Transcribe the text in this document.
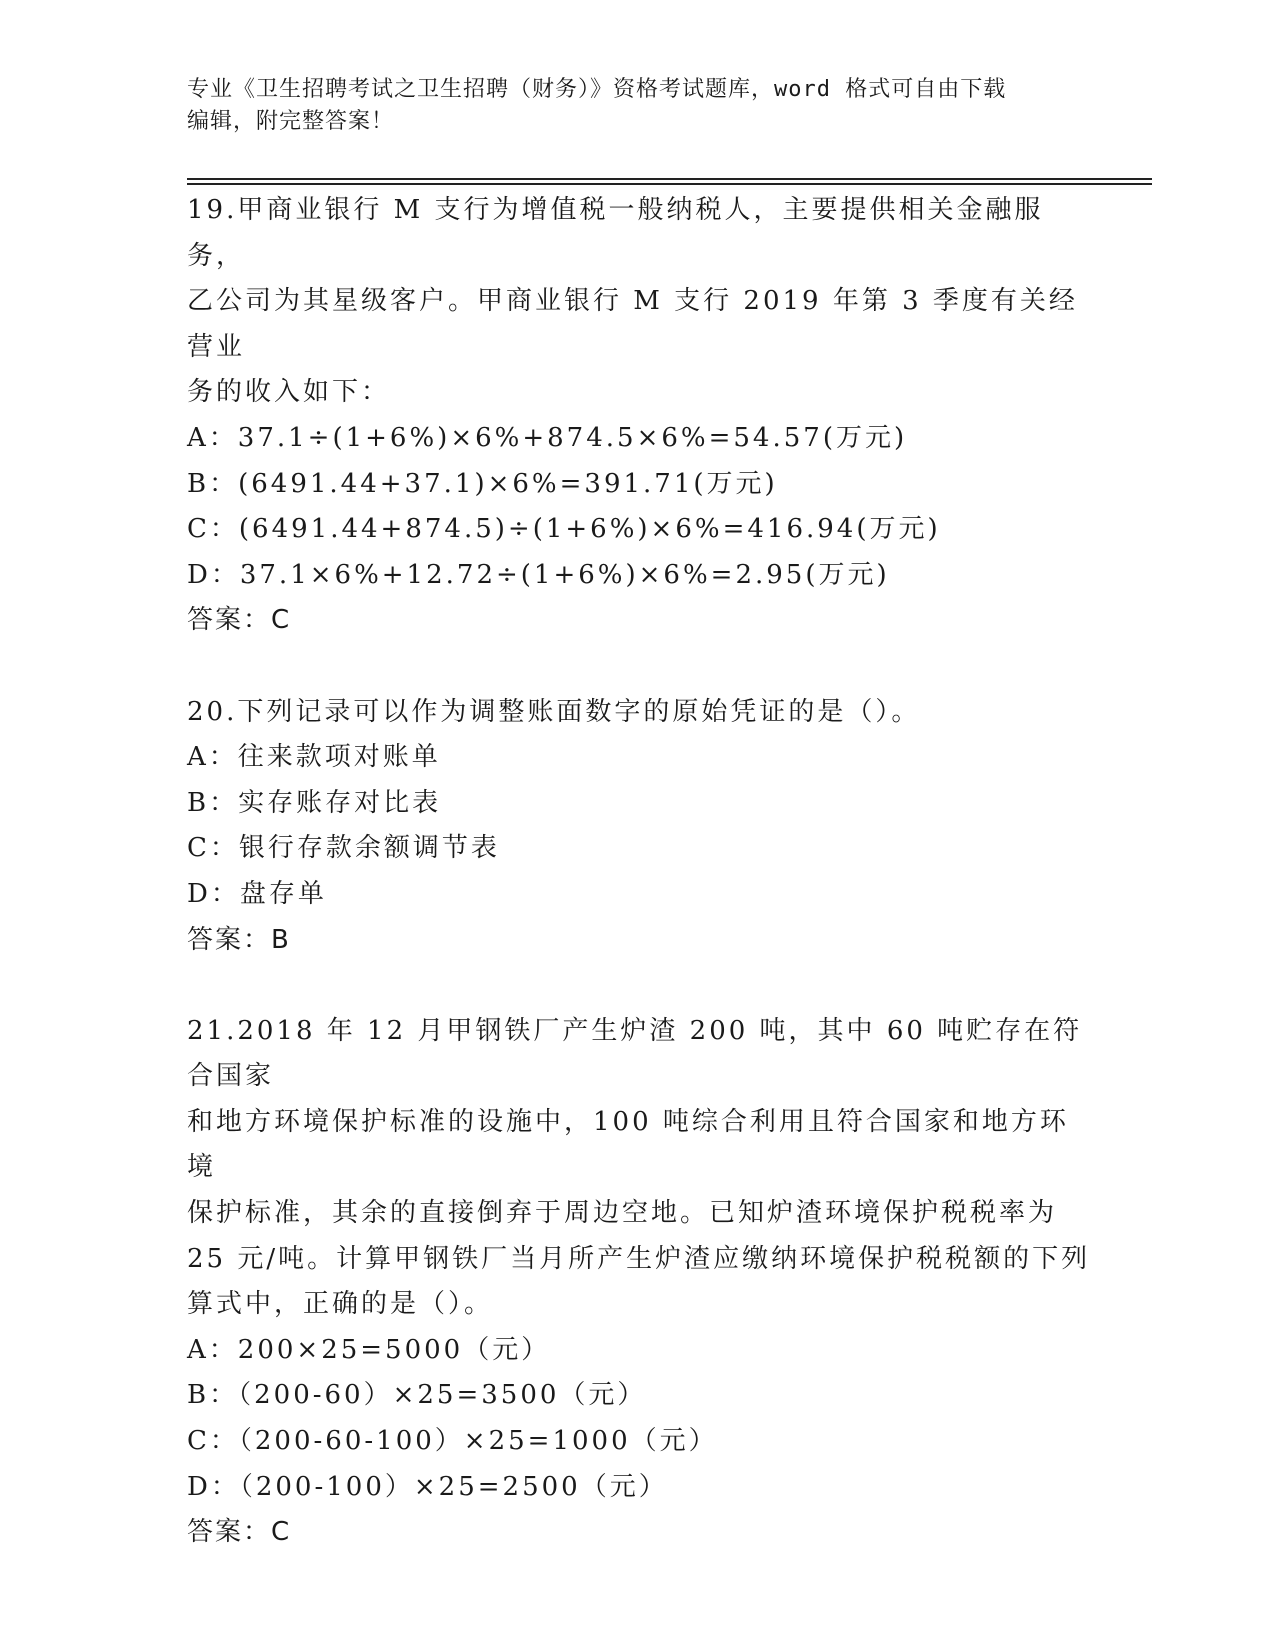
专业《卫生招聘考试之卫生招聘（财务）》资格考试题库，word 格式可自由下载
编辑，附完整答案！

19.甲商业银行 M 支行为增值税一般纳税人，主要提供相关金融服务，

乙公司为其星级客户。甲商业银行 M 支行 2019 年第 3 季度有关经营业

务的收入如下：

A：37.1÷(1+6%)×6%+874.5×6%=54.57(万元)

B：(6491.44+37.1)×6%=391.71(万元)

C：(6491.44+874.5)÷(1+6%)×6%=416.94(万元)

D：37.1×6%+12.72÷(1+6%)×6%=2.95(万元)

答案：C

20.下列记录可以作为调整账面数字的原始凭证的是（）。

A：往来款项对账单

B：实存账存对比表

C：银行存款余额调节表

D：盘存单

答案：B

21.2018 年 12 月甲钢铁厂产生炉渣 200 吨，其中 60 吨贮存在符合国家

和地方环境保护标准的设施中，100 吨综合利用且符合国家和地方环境

保护标准，其余的直接倒弃于周边空地。已知炉渣环境保护税税率为

25 元/吨。计算甲钢铁厂当月所产生炉渣应缴纳环境保护税税额的下列

算式中，正确的是（）。

A：200×25=5000（元）

B：（200-60）×25=3500（元）

C：（200-60-100）×25=1000（元）

D：（200-100）×25=2500（元）

答案：C
